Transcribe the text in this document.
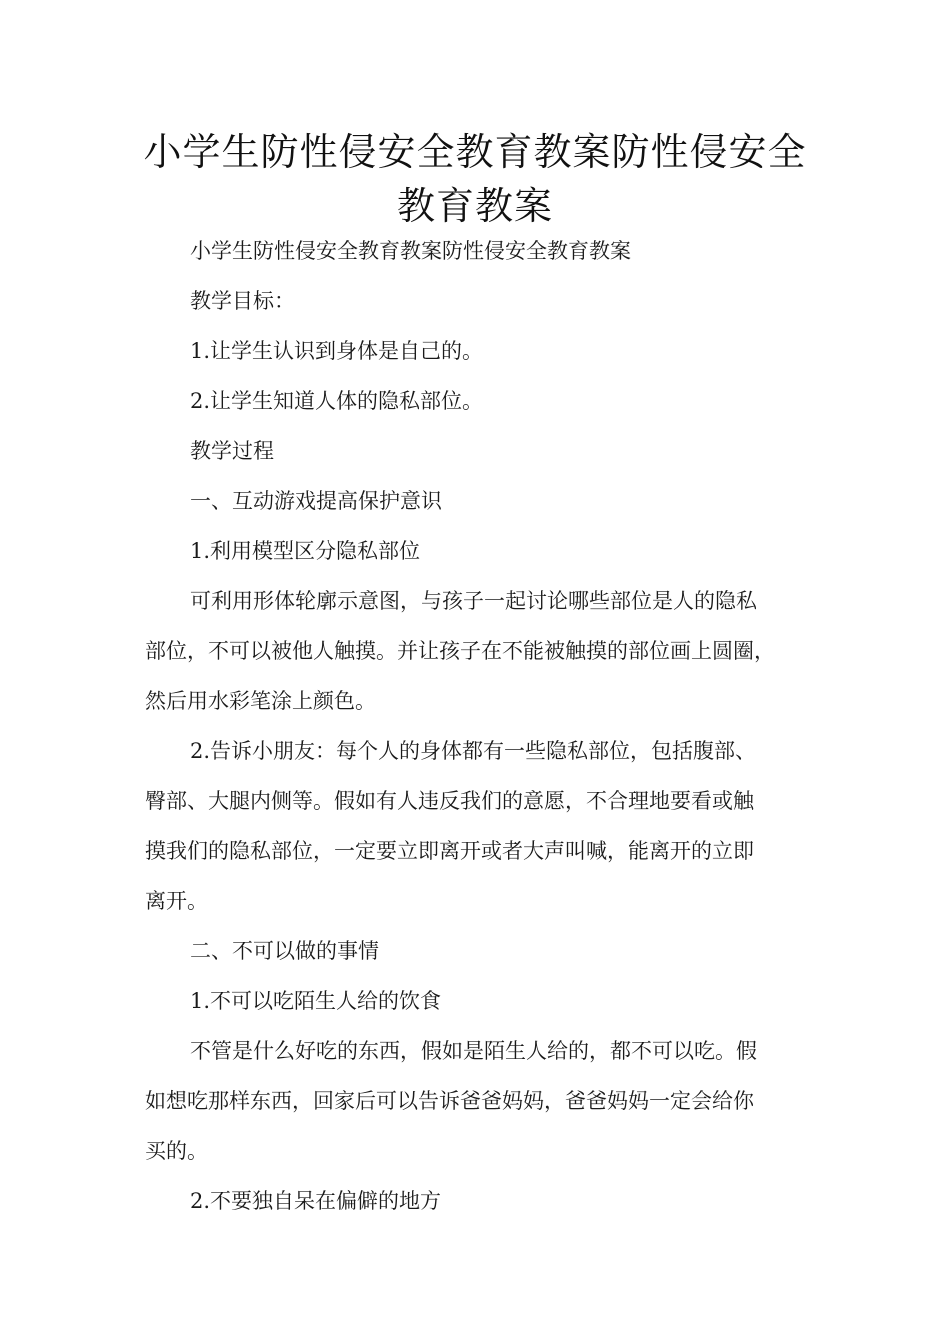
小学生防性侵安全教育教案防性侵安全
教育教案
小学生防性侵安全教育教案防性侵安全教育教案
教学目标：
1.让学生认识到身体是自己的。
2.让学生知道人体的隐私部位。
教学过程
一、互动游戏提高保护意识
1.利用模型区分隐私部位
可利用形体轮廓示意图，与孩子一起讨论哪些部位是人的隐私
部位，不可以被他人触摸。并让孩子在不能被触摸的部位画上圆圈，
然后用水彩笔涂上颜色。
2.告诉小朋友：每个人的身体都有一些隐私部位，包括腹部、
臀部、大腿内侧等。假如有人违反我们的意愿，不合理地要看或触
摸我们的隐私部位，一定要立即离开或者大声叫喊，能离开的立即
离开。
二、不可以做的事情
1.不可以吃陌生人给的饮食
不管是什么好吃的东西，假如是陌生人给的，都不可以吃。假
如想吃那样东西，回家后可以告诉爸爸妈妈，爸爸妈妈一定会给你
买的。
2.不要独自呆在偏僻的地方
